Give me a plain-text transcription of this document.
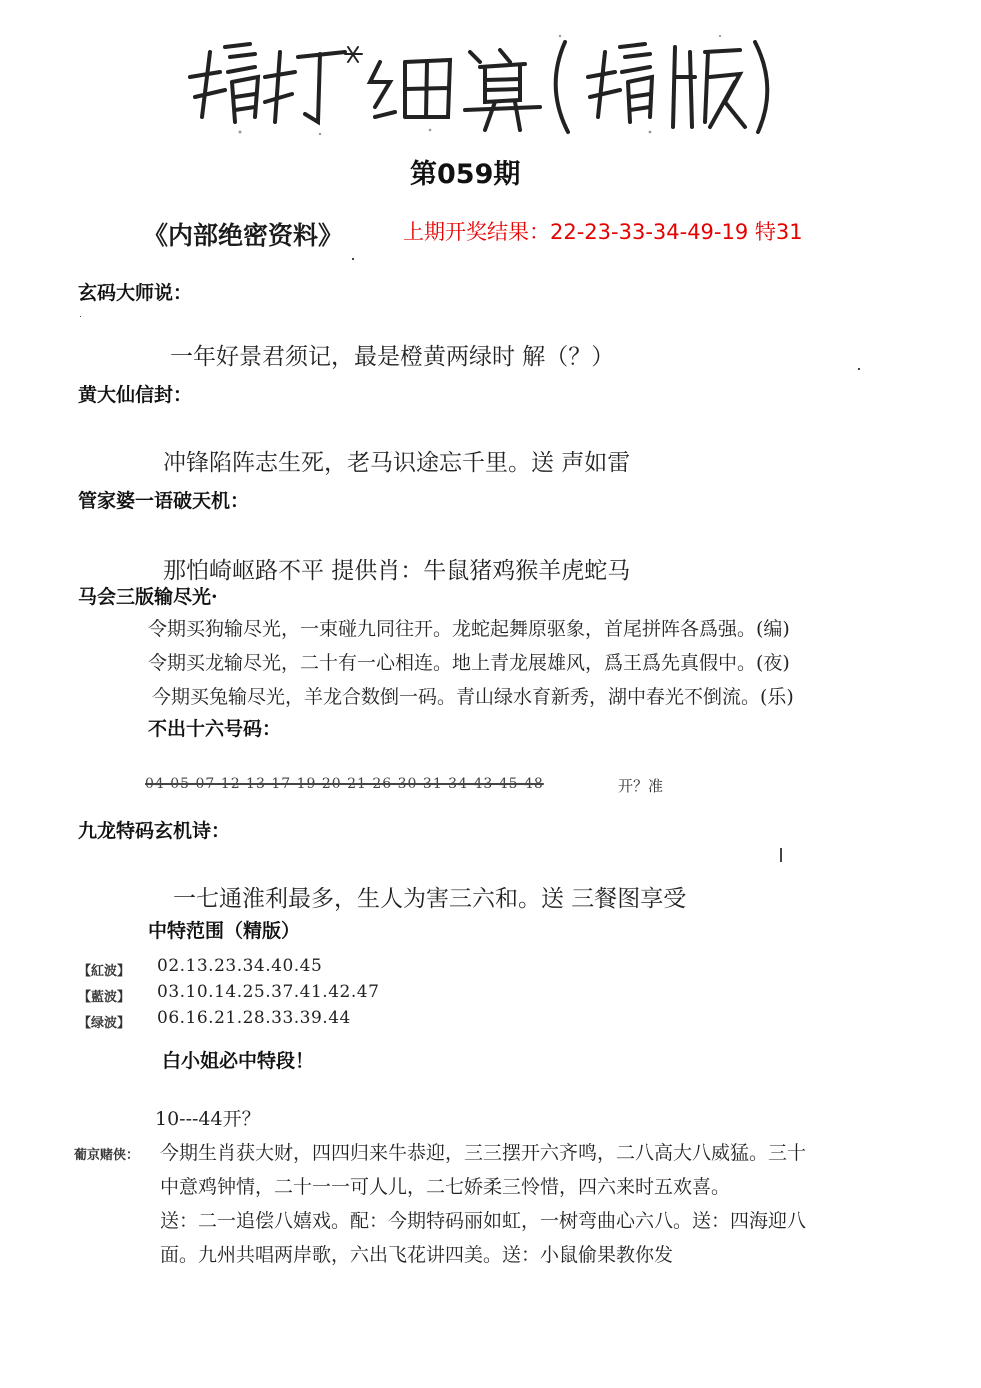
第059期
《内部绝密资料》	上期开奖结果：22-23-33-34-49-19 特31
玄码大师说：
一年好景君须记，最是橙黄两绿时 解（？）
黄大仙信封：
冲锋陷阵志生死，老马识途忘千里。送 声如雷
管家婆一语破天机：
那怕崎岖路不平 提供肖：牛鼠猪鸡猴羊虎蛇马
马会三版输尽光·
令期买狗输尽光，一束碰九同往开。龙蛇起舞原驱象，首尾拼阵各爲强。(编)
令期买龙输尽光，二十有一心相连。地上青龙展雄风，爲王爲先真假中。(夜)
今期买兔输尽光，羊龙合数倒一码。青山绿水育新秀，湖中春光不倒流。(乐)
不出十六号码：
04 05 07 12 13 17 19 20 21 26 30 31 34 43 45 48	开？准
九龙特码玄机诗：
一七通淮利最多，生人为害三六和。送 三餐图享受
中特范围（精版）
【紅波】 02.13.23.34.40.45
【藍波】 03.10.14.25.37.41.42.47
【绿波】 06.16.21.28.33.39.44
白小姐必中特段！
10---44开？
葡京赌侠： 今期生肖获大财，四四归来牛恭迎，三三摆开六齐鸣，二八高大八威猛。三十
中意鸡钟情，二十一一可人儿，二七娇柔三怜惜，四六来时五欢喜。
送：二一追偿八嬉戏。配：今期特码丽如虹，一树弯曲心六八。送：四海迎八
面。九州共唱两岸歌，六出飞花讲四美。送：小鼠偷果教你发
